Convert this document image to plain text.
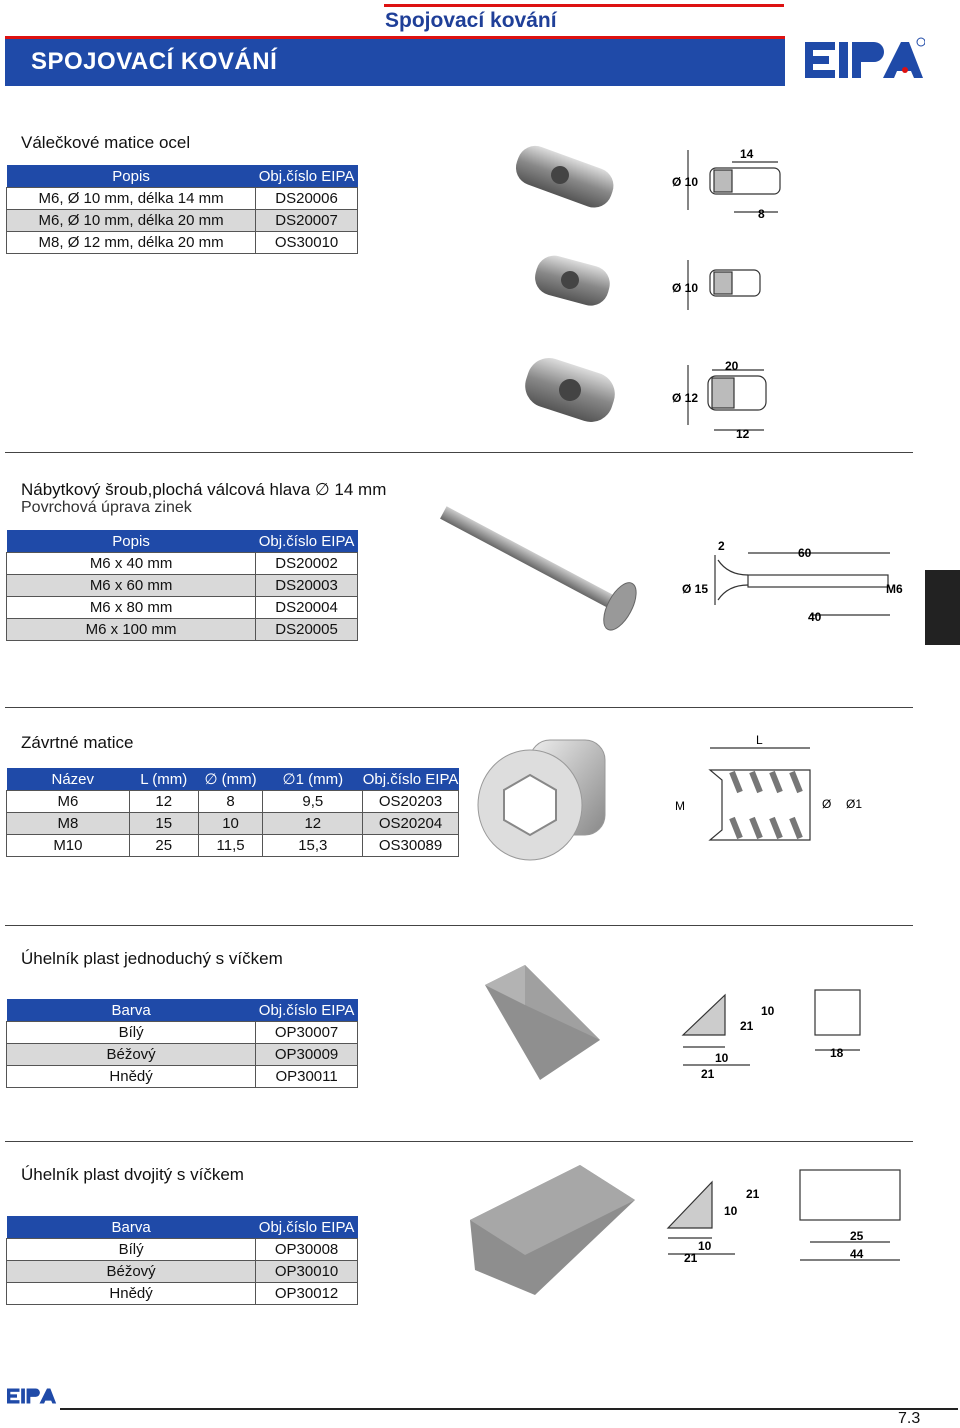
Spojovací kování
SPOJOVACÍ KOVÁNÍ
Válečkové matice ocel
Popis	Obj.číslo EIPA
M6, Ø 10 mm, délka 14 mm	DS20006
M6, Ø 10 mm, délka 20 mm	DS20007
M8, Ø 12 mm, délka 20 mm	OS30010
14
8
Ø 10
Ø 10
20
Ø 12
12
Nábytkový šroub,plochá válcová hlava ∅ 14 mm
Povrchová úprava zinek
Popis	Obj.číslo EIPA
M6 x 40 mm	DS20002
M6 x 60 mm	DS20003
M6 x 80 mm	DS20004
M6 x 100 mm	DS20005
2	60
Ø 15
40
M6
Závrtné matice
Název	L (mm)	∅ (mm)	∅1 (mm)	Obj.číslo EIPA
M6	12	8	9,5	OS20203
M8	15	10	12	OS20204
M10	25	11,5	15,3	OS30089
L
M	Ø Ø1
Úhelník plast jednoduchý s víčkem
Barva	Obj.číslo EIPA
Bílý	OP30007
Béžový	OP30009
Hnědý	OP30011
21
10
10
21
18
Úhelník plast dvojitý s víčkem
Barva	Obj.číslo EIPA
Bílý	OP30008
Béžový	OP30010
Hnědý	OP30012
21
10
10
21
25
44
7.3
